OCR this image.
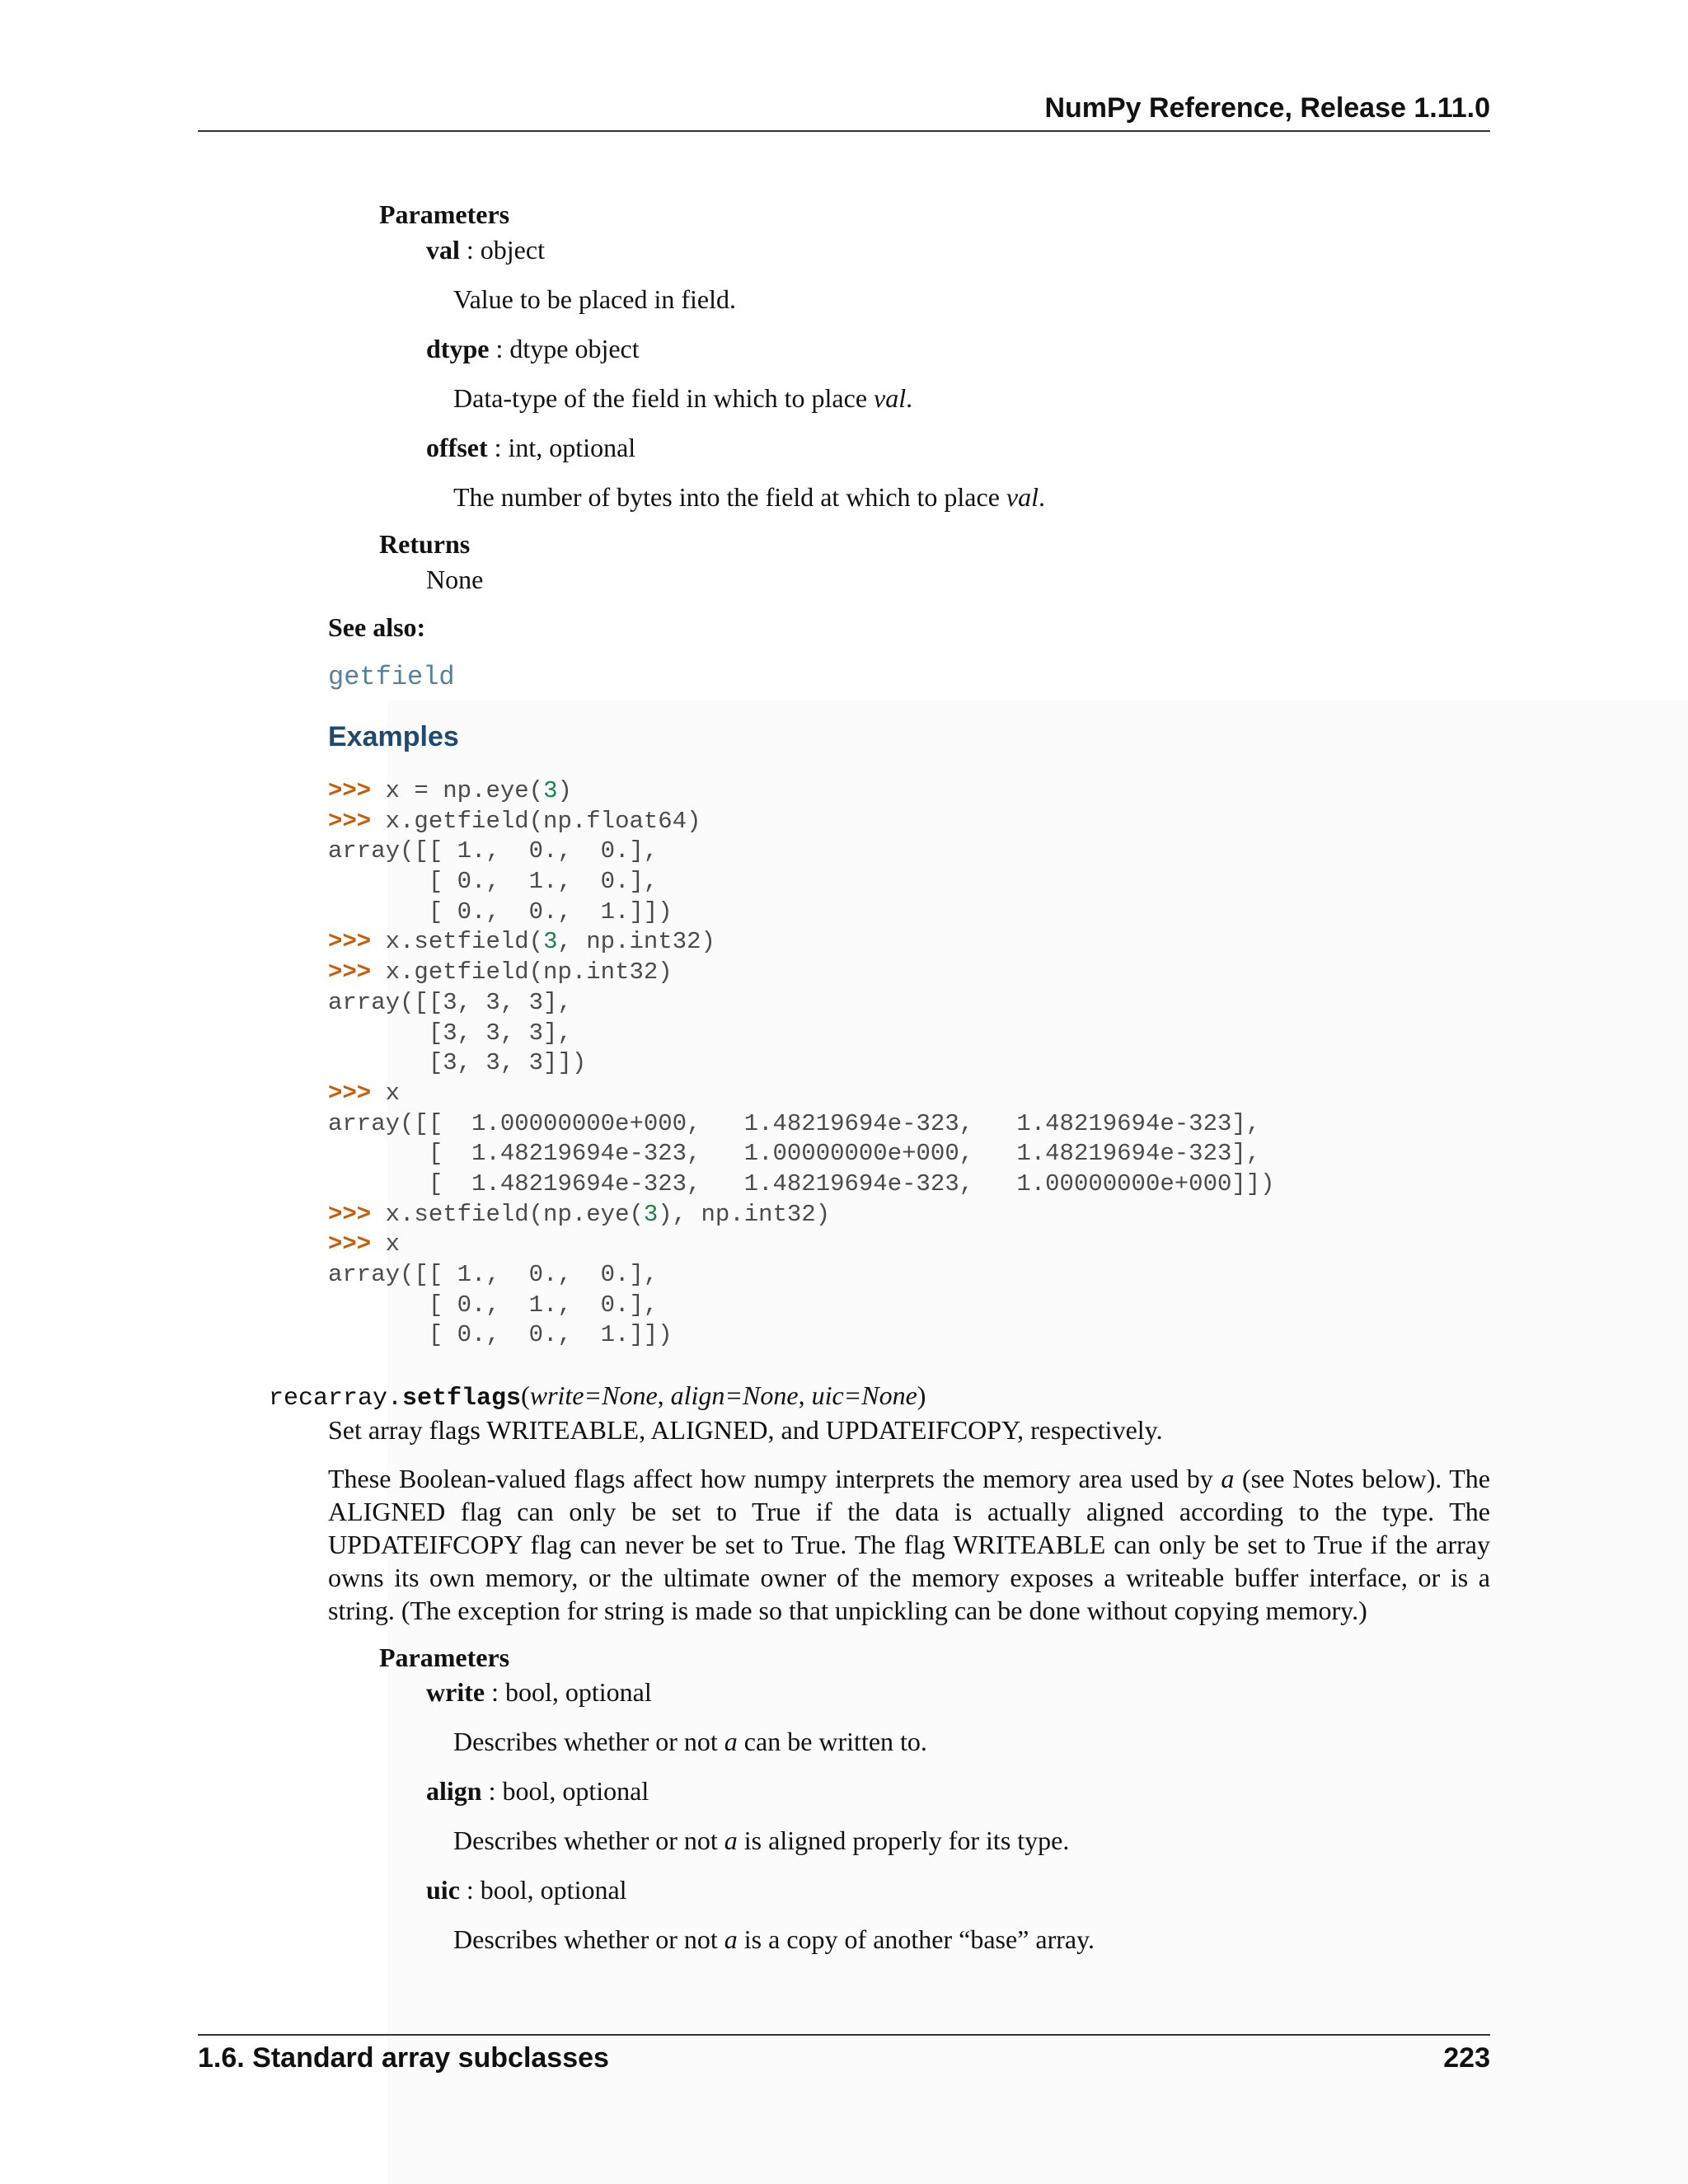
NumPy Reference, Release 1.11.0
Parameters
val : object
Value to be placed in field.
dtype : dtype object
Data-type of the field in which to place val.
offset : int, optional
The number of bytes into the field at which to place val.
Returns
None
See also:
getfield
Examples
>>> x = np.eye(3)
>>> x.getfield(np.float64)
array([[ 1.,  0.,  0.],
[ 0.,  1.,  0.],
[ 0.,  0.,  1.]])
>>> x.setfield(3, np.int32)
>>> x.getfield(np.int32)
array([[3, 3, 3],
[3, 3, 3],
[3, 3, 3]])
>>> x
array([[  1.00000000e+000,   1.48219694e-323,   1.48219694e-323],
[  1.48219694e-323,   1.00000000e+000,   1.48219694e-323],
[  1.48219694e-323,   1.48219694e-323,   1.00000000e+000]])
>>> x.setfield(np.eye(3), np.int32)
>>> x
array([[ 1.,  0.,  0.],
[ 0.,  1.,  0.],
[ 0.,  0.,  1.]])
recarray.setflags(write=None, align=None, uic=None)
Set array flags WRITEABLE, ALIGNED, and UPDATEIFCOPY, respectively.
These Boolean-valued flags affect how numpy interprets the memory area used by a (see Notes below). The ALIGNED flag can only be set to True if the data is actually aligned according to the type. The UPDATEIFCOPY flag can never be set to True. The flag WRITEABLE can only be set to True if the array owns its own memory, or the ultimate owner of the memory exposes a writeable buffer interface, or is a string. (The exception for string is made so that unpickling can be done without copying memory.)
Parameters
write : bool, optional
Describes whether or not a can be written to.
align : bool, optional
Describes whether or not a is aligned properly for its type.
uic : bool, optional
Describes whether or not a is a copy of another “base” array.
1.6. Standard array subclasses	223
